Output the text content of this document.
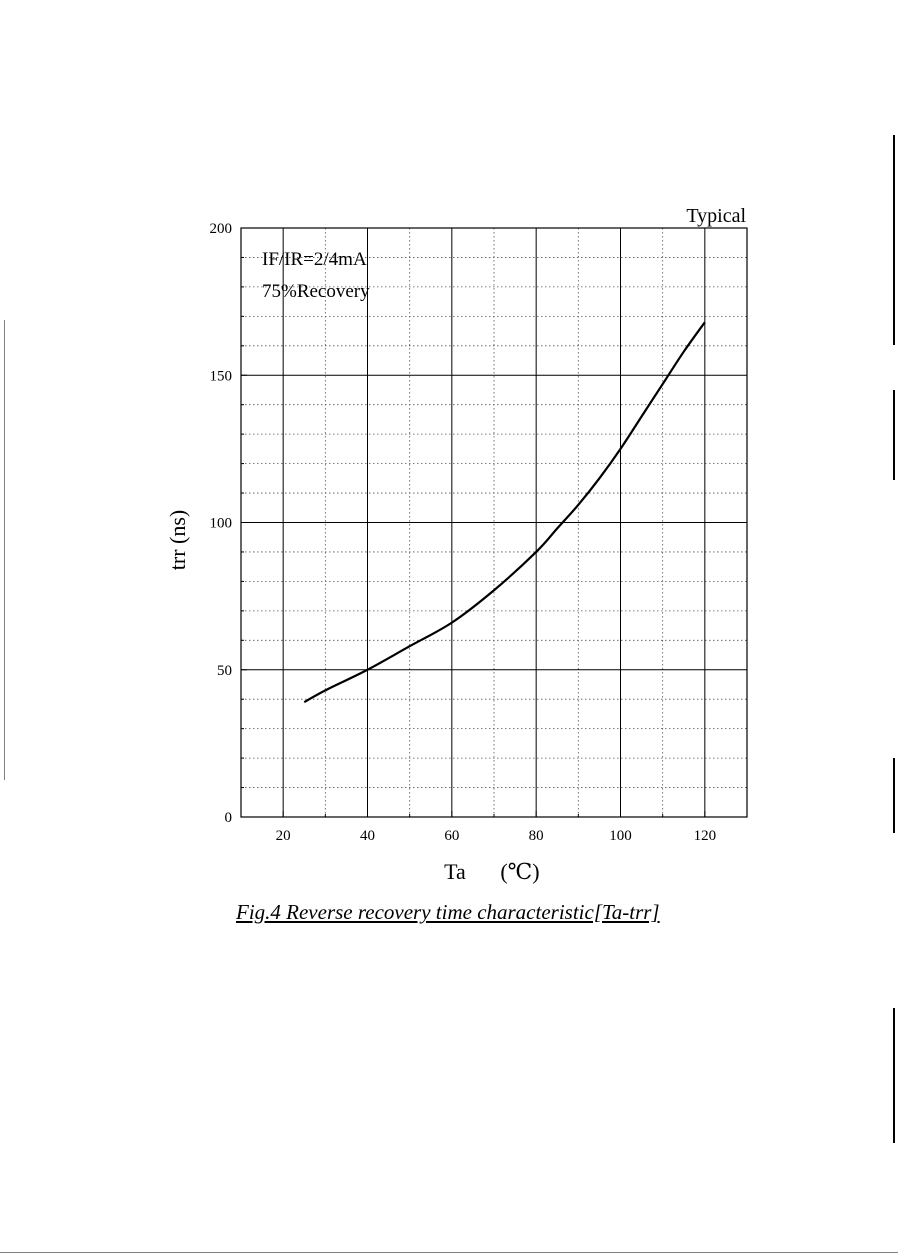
20	40	60	80	100	120
0
50
100
150
200
Typical
IF/IR=2/4mA
75%Recovery
trr (ns)
Ta (℃)
Fig.4 Reverse recovery time characteristic[Ta-trr]
